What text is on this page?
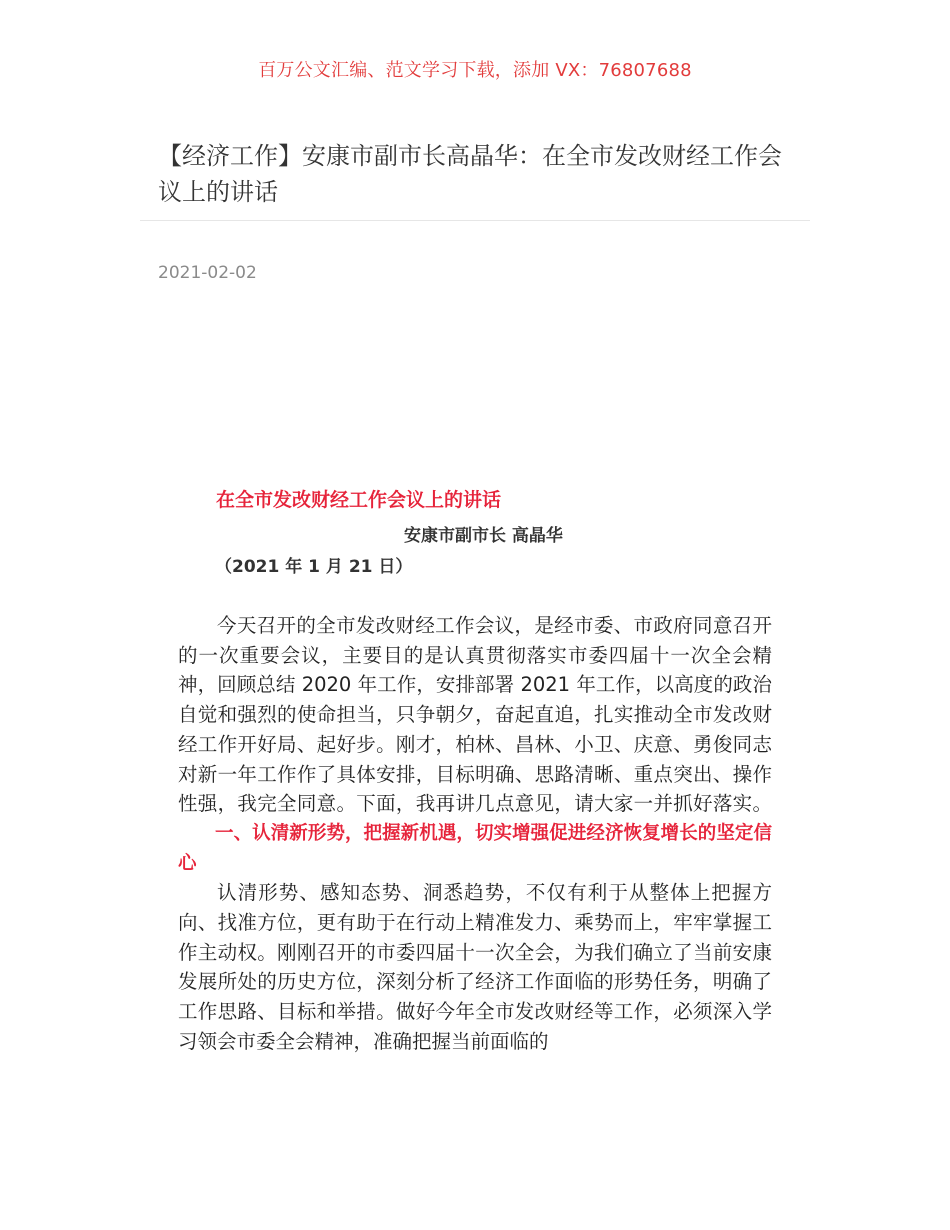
百万公文汇编、范文学习下载，添加 VX：76807688
【经济工作】安康市副市长高晶华：在全市发改财经工作会议上的讲话
2021-02-02
在全市发改财经工作会议上的讲话
安康市副市长 高晶华
（2021 年 1 月 21 日）

今天召开的全市发改财经工作会议，是经市委、市政府同意召开的一次重要会议，主要目的是认真贯彻落实市委四届十一次全会精神，回顾总结 2020 年工作，安排部署 2021 年工作，以高度的政治自觉和强烈的使命担当，只争朝夕，奋起直追，扎实推动全市发改财经工作开好局、起好步。刚才，柏林、昌林、小卫、庆意、勇俊同志对新一年工作作了具体安排，目标明确、思路清晰、重点突出、操作性强，我完全同意。下面，我再讲几点意见，请大家一并抓好落实。

一、认清新形势，把握新机遇，切实增强促进经济恢复增长的坚定信心

认清形势、感知态势、洞悉趋势，不仅有利于从整体上把握方向、找准方位，更有助于在行动上精准发力、乘势而上，牢牢掌握工作主动权。刚刚召开的市委四届十一次全会，为我们确立了当前安康发展所处的历史方位，深刻分析了经济工作面临的形势任务，明确了工作思路、目标和举措。做好今年全市发改财经等工作，必须深入学习领会市委全会精神，准确把握当前面临的
